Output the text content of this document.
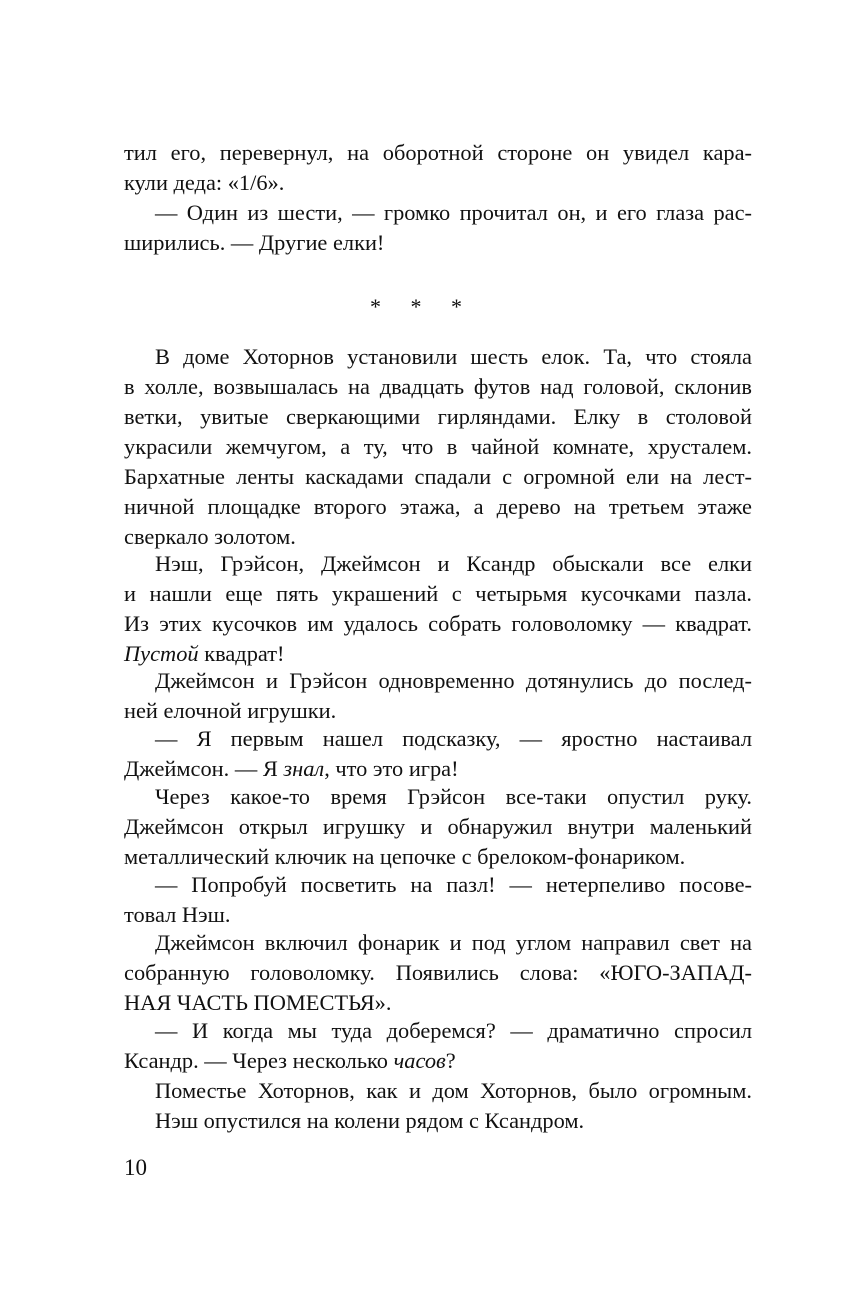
тил его, перевернул, на оборотной стороне он увидел кара-
кули деда: «1/6».
— Один из шести, — громко прочитал он, и его глаза рас-
ширились. — Другие елки!
* * *
В доме Хоторнов установили шесть елок. Та, что стояла
в холле, возвышалась на двадцать футов над головой, склонив
ветки, увитые сверкающими гирляндами. Елку в столовой
украсили жемчугом, а ту, что в чайной комнате, хрусталем.
Бархатные ленты каскадами спадали с огромной ели на лест-
ничной площадке второго этажа, а дерево на третьем этаже
сверкало золотом.
Нэш, Грэйсон, Джеймсон и Ксандр обыскали все елки
и нашли еще пять украшений с четырьмя кусочками пазла.
Из этих кусочков им удалось собрать головоломку — квадрат.
Пустой квадрат!
Джеймсон и Грэйсон одновременно дотянулись до послед-
ней елочной игрушки.
— Я первым нашел подсказку, — яростно настаивал
Джеймсон. — Я знал, что это игра!
Через какое-то время Грэйсон все-таки опустил руку.
Джеймсон открыл игрушку и обнаружил внутри маленький
металлический ключик на цепочке с брелоком-фонариком.
— Попробуй посветить на пазл! — нетерпеливо посове-
товал Нэш.
Джеймсон включил фонарик и под углом направил свет на
собранную головоломку. Появились слова: «ЮГО-ЗАПАД-
НАЯ ЧАСТЬ ПОМЕСТЬЯ».
— И когда мы туда доберемся? — драматично спросил
Ксандр. — Через несколько часов?
Поместье Хоторнов, как и дом Хоторнов, было огромным.
Нэш опустился на колени рядом с Ксандром.
10
